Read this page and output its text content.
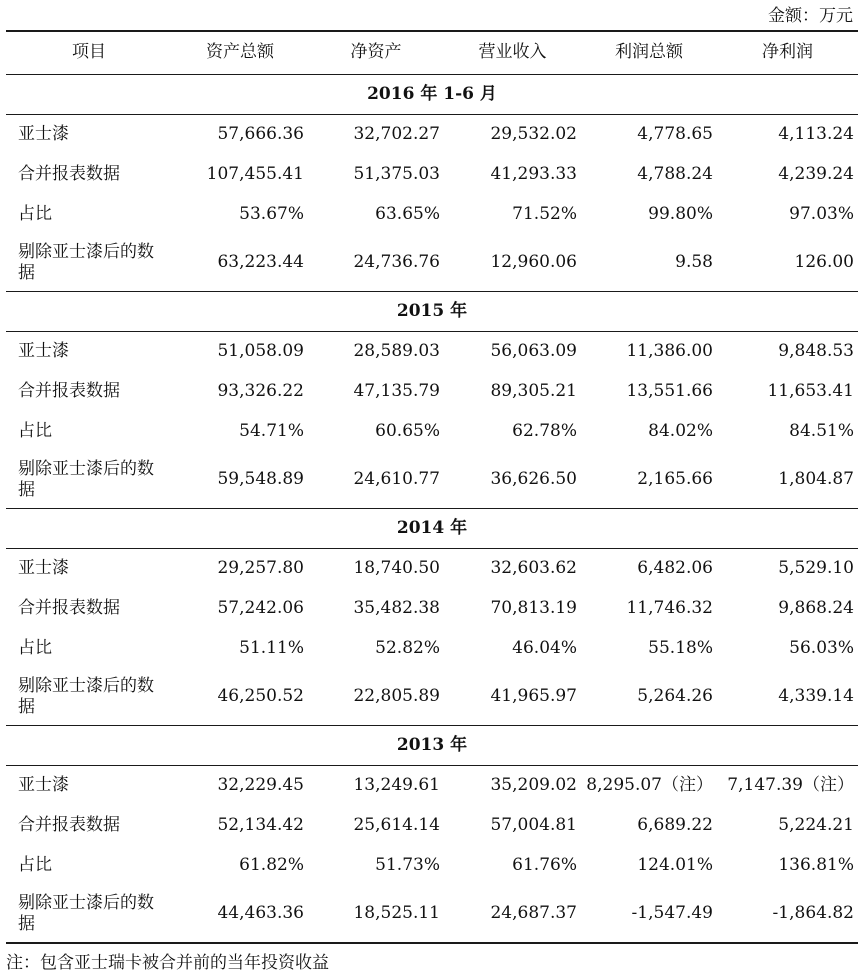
金额：万元
项目	资产总额	净资产	营业收入	利润总额	净利润
2016 年 1-6 月					
亚士漆	57,666.36	32,702.27	29,532.02	4,778.65	4,113.24
合并报表数据	107,455.41	51,375.03	41,293.33	4,788.24	4,239.24
占比	53.67%	63.65%	71.52%	99.80%	97.03%
剔除亚士漆后的数据	63,223.44	24,736.76	12,960.06	9.58	126.00
2015 年					
亚士漆	51,058.09	28,589.03	56,063.09	11,386.00	9,848.53
合并报表数据	93,326.22	47,135.79	89,305.21	13,551.66	11,653.41
占比	54.71%	60.65%	62.78%	84.02%	84.51%
剔除亚士漆后的数据	59,548.89	24,610.77	36,626.50	2,165.66	1,804.87
2014 年					
亚士漆	29,257.80	18,740.50	32,603.62	6,482.06	5,529.10
合并报表数据	57,242.06	35,482.38	70,813.19	11,746.32	9,868.24
占比	51.11%	52.82%	46.04%	55.18%	56.03%
剔除亚士漆后的数据	46,250.52	22,805.89	41,965.97	5,264.26	4,339.14
2013 年					
亚士漆	32,229.45	13,249.61	35,209.02	8,295.07（注）	7,147.39（注）
合并报表数据	52,134.42	25,614.14	57,004.81	6,689.22	5,224.21
占比	61.82%	51.73%	61.76%	124.01%	136.81%
剔除亚士漆后的数据	44,463.36	18,525.11	24,687.37	-1,547.49	-1,864.82
注：包含亚士瑞卡被合并前的当年投资收益
